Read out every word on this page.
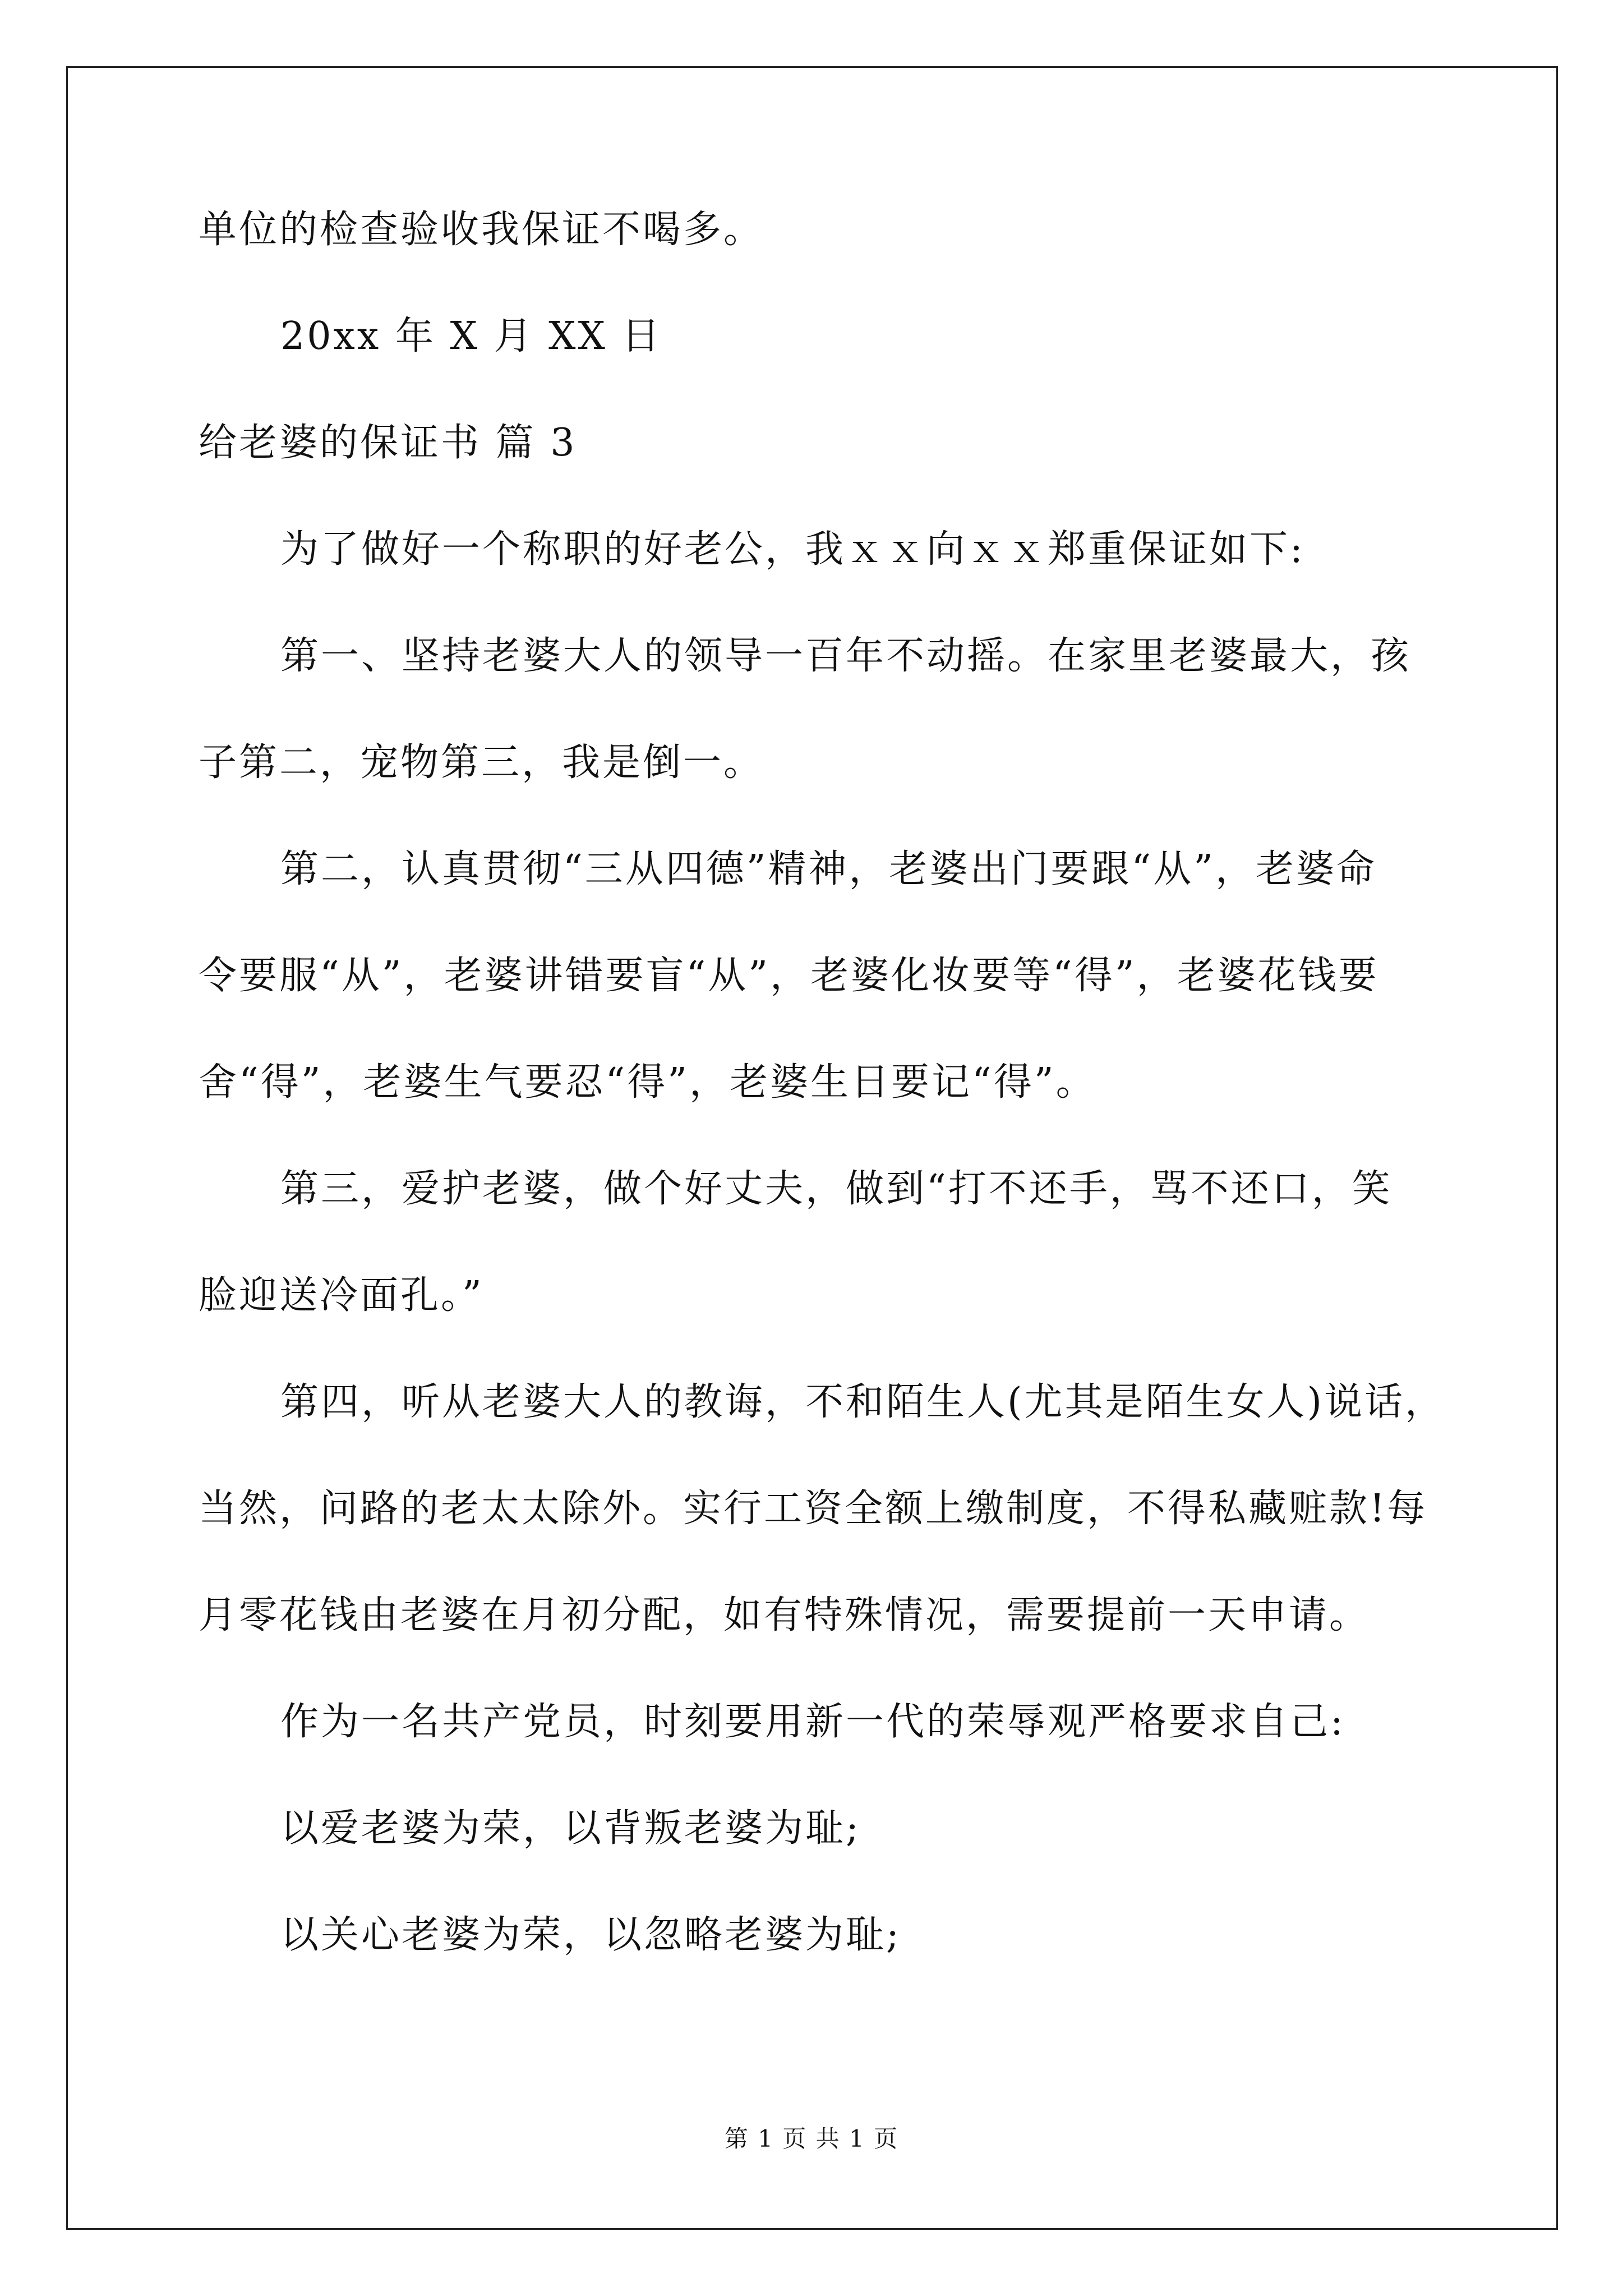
单位的检查验收我保证不喝多。
20xx 年 X 月 XX 日
给老婆的保证书 篇 3
为了做好一个称职的好老公，我ｘｘ向ｘｘ郑重保证如下:
第一、坚持老婆大人的领导一百年不动摇。在家里老婆最大，孩
子第二，宠物第三，我是倒一。
第二，认真贯彻“三从四德”精神，老婆出门要跟“从”，老婆命
令要服“从”，老婆讲错要盲“从”，老婆化妆要等“得”，老婆花钱要
舍“得”，老婆生气要忍“得”，老婆生日要记“得”。
第三，爱护老婆，做个好丈夫，做到“打不还手，骂不还口，笑
脸迎送冷面孔。”
第四，听从老婆大人的教诲，不和陌生人(尤其是陌生女人)说话，
当然，问路的老太太除外。实行工资全额上缴制度，不得私藏赃款!每
月零花钱由老婆在月初分配，如有特殊情况，需要提前一天申请。
作为一名共产党员，时刻要用新一代的荣辱观严格要求自己:
以爱老婆为荣，以背叛老婆为耻;
以关心老婆为荣，以忽略老婆为耻;
第 1 页 共 1 页
